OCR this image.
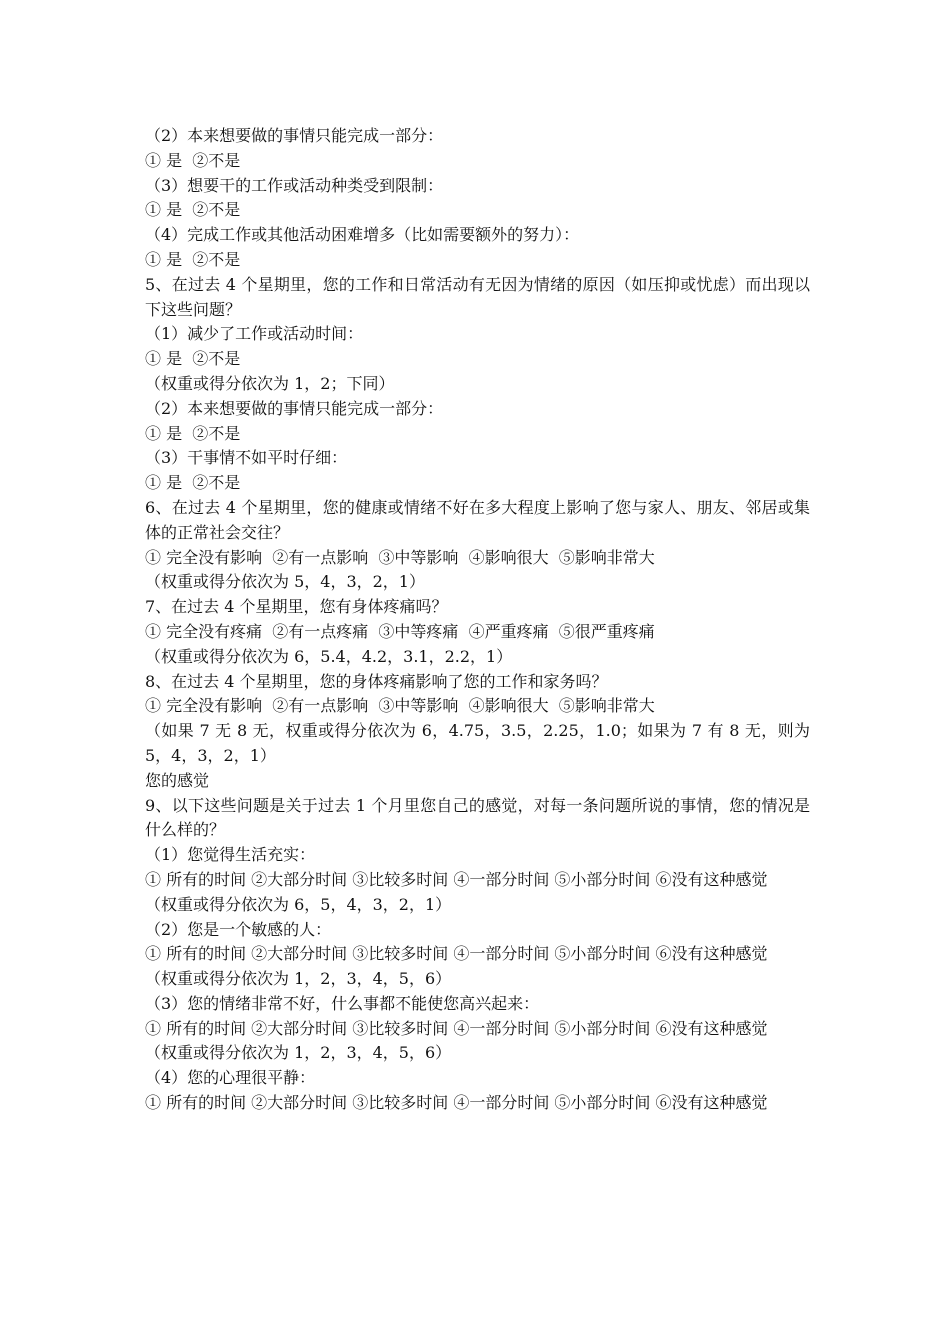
（2）本来想要做的事情只能完成一部分：

① 是  ②不是

（3）想要干的工作或活动种类受到限制：

① 是  ②不是

（4）完成工作或其他活动困难增多（比如需要额外的努力）：

① 是  ②不是

5、在过去 4 个星期里，您的工作和日常活动有无因为情绪的原因（如压抑或忧虑）而出现以下这些问题？

（1）减少了工作或活动时间：

① 是  ②不是

（权重或得分依次为 1，2；下同）

（2）本来想要做的事情只能完成一部分：

① 是  ②不是

（3）干事情不如平时仔细：

① 是  ②不是

6、在过去 4 个星期里，您的健康或情绪不好在多大程度上影响了您与家人、朋友、邻居或集体的正常社会交往？

① 完全没有影响  ②有一点影响  ③中等影响  ④影响很大  ⑤影响非常大

（权重或得分依次为 5，4，3，2，1）

7、在过去 4 个星期里，您有身体疼痛吗？

① 完全没有疼痛  ②有一点疼痛  ③中等疼痛  ④严重疼痛  ⑤很严重疼痛

（权重或得分依次为 6，5.4，4.2，3.1，2.2，1）

8、在过去 4 个星期里，您的身体疼痛影响了您的工作和家务吗？

① 完全没有影响  ②有一点影响  ③中等影响  ④影响很大  ⑤影响非常大

（如果 7 无 8 无，权重或得分依次为 6，4.75，3.5，2.25，1.0；如果为 7 有 8 无，则为 5，4，3，2，1）

您的感觉

9、以下这些问题是关于过去 1 个月里您自己的感觉，对每一条问题所说的事情，您的情况是什么样的？

（1）您觉得生活充实：

① 所有的时间 ②大部分时间 ③比较多时间 ④一部分时间 ⑤小部分时间 ⑥没有这种感觉

（权重或得分依次为 6，5，4，3，2，1）

（2）您是一个敏感的人：

① 所有的时间 ②大部分时间 ③比较多时间 ④一部分时间 ⑤小部分时间 ⑥没有这种感觉

（权重或得分依次为 1，2，3，4，5，6）

（3）您的情绪非常不好，什么事都不能使您高兴起来：

① 所有的时间 ②大部分时间 ③比较多时间 ④一部分时间 ⑤小部分时间 ⑥没有这种感觉

（权重或得分依次为 1，2，3，4，5，6）

（4）您的心理很平静：

① 所有的时间 ②大部分时间 ③比较多时间 ④一部分时间 ⑤小部分时间 ⑥没有这种感觉
